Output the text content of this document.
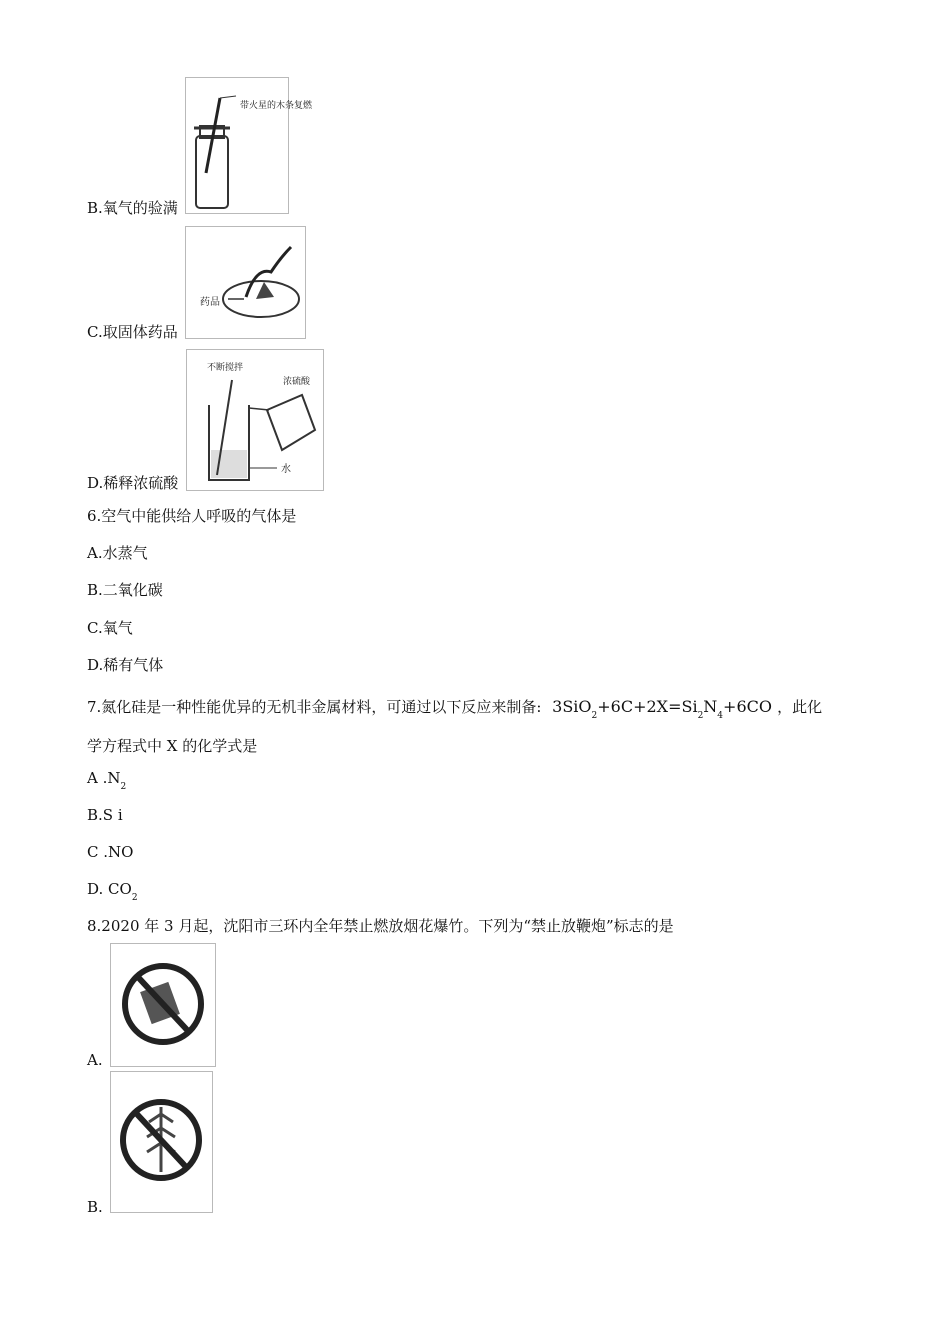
带火星的木条复燃
B.氧气的验满
药品
C.取固体药品
不断搅拌
浓硫酸
水
D.稀释浓硫酸
6.空气中能供给人呼吸的气体是
A.水蒸气
B.二氧化碳
C.氧气
D.稀有气体
7.氮化硅是一种性能优异的无机非金属材料，可通过以下反应来制备: $3SiO_2+6C+2X=Si_2N_4+6CO$ ，此化
学方程式中 X 的化学式是
A $.N_2$
B.S i
C .NO
D. $CO_2$
8.2020 年 3 月起，沈阳市三环内全年禁止燃放烟花爆竹。下列为“禁止放鞭炮”标志的是
A.
B.
